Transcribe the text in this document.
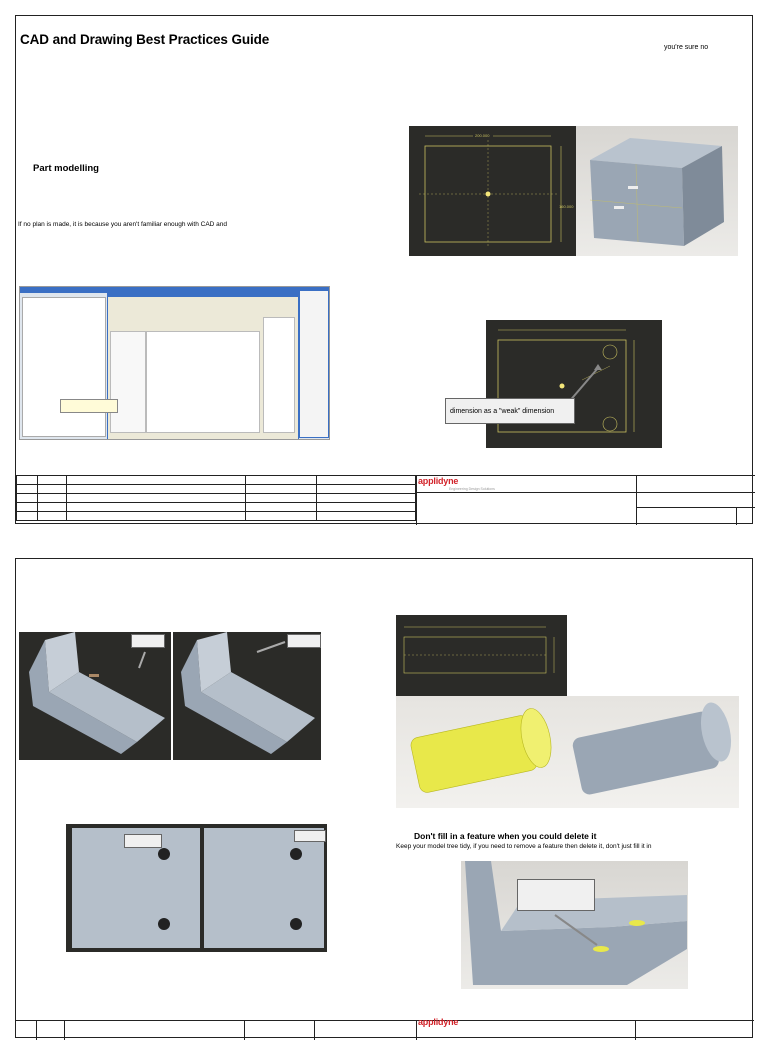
CAD and Drawing Best Practices Guide
you're sure no
Part modelling
If no plan is made, it is because you aren't familiar enough with CAD and
200.000
160.000
dimension as a "weak" dimension

applidyne
Engineering Design Solutions
Don't fill in a feature when you could delete it
Keep your model tree tidy, if you need to remove a feature then delete it, don't just fill it in
applidyne
